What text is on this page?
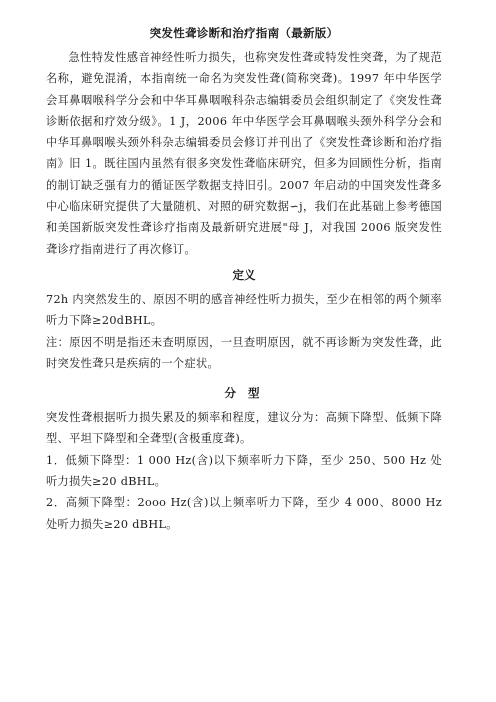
突发性聋诊断和治疗指南（最新版）

急性特发性感音神经性听力损失，也称突发性聋或特发性突聋，为了规范名称，避免混淆，本指南统一命名为突发性聋(简称突聋)。1997 年中华医学会耳鼻咽喉科学分会和中华耳鼻咽喉科杂志编辑委员会组织制定了《突发性聋诊断依据和疗效分级》。1 J，2006 年中华医学会耳鼻咽喉头颈外科学分会和中华耳鼻咽喉头颈外科杂志编辑委员会修订并刊出了《突发性聋诊断和治疗指南》旧 1。既往国内虽然有很多突发性聋临床研究，但多为回顾性分析，指南的制订缺乏强有力的循证医学数据支持旧引。2007 年启动的中国突发性聋多中心临床研究提供了大量随机、对照的研究数据∽j，我们在此基础上参考德国和美国新版突发性聋诊疗指南及最新研究进展"母 J，对我国 2006 版突发性聋诊疗指南进行了再次修订。

定义

72h 内突然发生的、原因不明的感音神经性听力损失，至少在相邻的两个频率听力下降≥20dBHL。

注：原因不明是指还未查明原因，一旦查明原因，就不再诊断为突发性聋，此时突发性聋只是疾病的一个症状。

分 型

突发性聋根据听力损失累及的频率和程度，建议分为：高频下降型、低频下降型、平坦下降型和全聋型(含极重度聋)。

1．低频下降型：1 000 Hz(含)以下频率听力下降，至少 250、500 Hz 处听力损失≥20 dBHL。

2．高频下降型：2ooo Hz(含)以上频率听力下降，至少 4 000、8000 Hz 处听力损失≥20 dBHL。
